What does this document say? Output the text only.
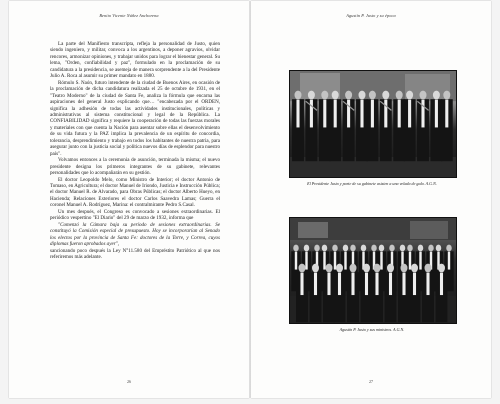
Benito Vicente Núñez Anchorena

La parte del Manifiesto transcripta, refleja la personalidad de Justo, quien siendo ingeniero, y militar, convoca a los argentinos, a deponer agravios, olvidar rencores, armonizar opiniones, y trabajar unidos para lograr el bienestar general. Su lema, "Orden, confiabilidad y paz", formulado en la proclamación de su candidatura a la presidencia, se asemeja de manera sorprendente a la del Presidente Julio A. Roca al asumir su primer mandato en 1880.

Rómulo S. Naón, futuro intendente de la ciudad de Buenos Aires, en ocasión de la proclamación de dicha candidatura realizada el 25 de octubre de 1931, en el "Teatro Moderno" de la ciudad de Santa Fe, analiza la fórmula que encarna las aspiraciones del general Justo explicando que… "encabezada por el ORDEN, significa la adhesión de todas las actividades institucionales, políticas y administrativas al sistema constitucional y legal de la República. La CONFIABILIDAD significa y requiere la cooperación de todas las fuerzas morales y materiales con que cuenta la Nación para asentar sobre ellas el desenvolvimiento de su vida futura y la PAZ implica la prevalencia de un espíritu de concordia, tolerancia, desprendimiento y trabajo en todos los habitantes de nuestra patria, para asegurar junto con la justicia social y política nuevos días de esplendor para nuestro país".

Volvamos entonces a la ceremonia de asunción, terminada la misma; el nuevo presidente designa los primeros integrantes de su gabinete, relevantes personalidades que lo acompañarán en su gestión.

El doctor Leopoldo Melo, como Ministro de Interior; el doctor Antonio de Tomaso, en Agricultura; el doctor Manuel de Iriondo, Justicia e Instrucción Pública; el doctor Manuel R. de Alvarado, para Obras Públicas; el doctor Alberto Hueyo, en Hacienda; Relaciones Exteriores el doctor Carlos Saavedra Lamas; Guerra el coronel Manuel A. Rodríguez, Marina: el contralmirante Pedro S.Casal.

Un mes después, el Congreso es convocado a sesiones extraordinarias. El periódico vespertino "El Diario" del 29 de marzo de 1932, informa que

"Comenzó la Cámara baja su período de sesiones extraordinarias. Se constituyó la Comisión especial de presupuesto. Hoy se incorporarían al Senado los electos por la provincia de Santa Fe: doctores de la Torre, y Correa, cuyos diplomas fueron aprobados ayer",

sancionando poco después la Ley N°11.580 del Empréstito Patriótico al que nos referiremos más adelante.

26
Agustín P. Justo y su época
El Presidente Justo y parte de su gabinete asisten a una velada de gala. A.G.N.
Agustín P. Justo y sus ministros. A.G.N.
27
